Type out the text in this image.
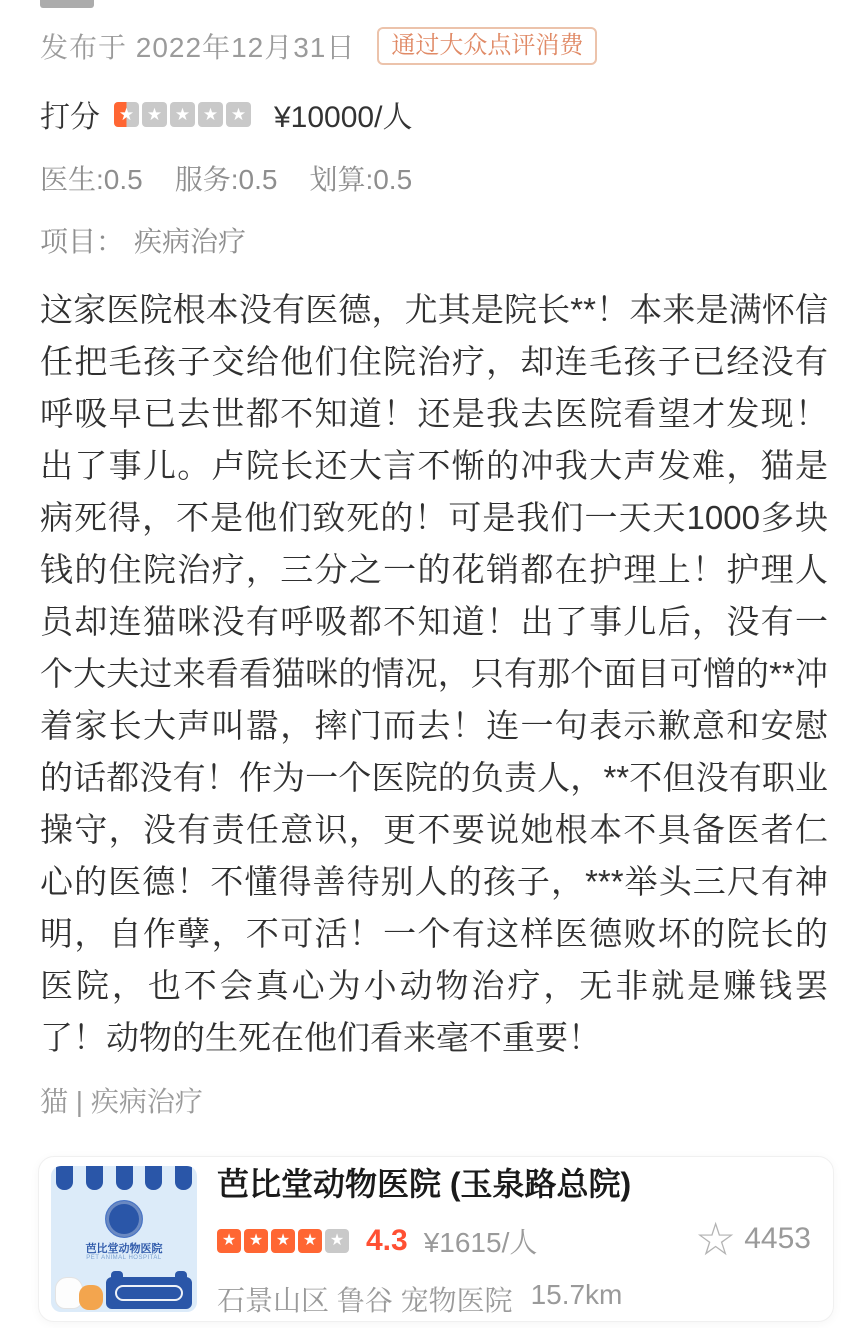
发布于 2022年12月31日	通过大众点评消费
打分 ★ ★ ★ ★ ★ ¥10000/人
医生:0.5 服务:0.5 划算:0.5
项目： 疾病治疗

这家医院根本没有医德，尤其是院长**！本来是满怀信任把毛孩子交给他们住院治疗，却连毛孩子已经没有呼吸早已去世都不知道！还是我去医院看望才发现！出了事儿。卢院长还大言不惭的冲我大声发难，猫是病死得，不是他们致死的！可是我们一天天1000多块钱的住院治疗，三分之一的花销都在护理上！护理人员却连猫咪没有呼吸都不知道！出了事儿后，没有一个大夫过来看看猫咪的情况，只有那个面目可憎的**冲着家长大声叫嚣，摔门而去！连一句表示歉意和安慰的话都没有！作为一个医院的负责人，**不但没有职业操守，没有责任意识，更不要说她根本不具备医者仁心的医德！不懂得善待别人的孩子，***举头三尺有神明，自作孽，不可活！一个有这样医德败坏的院长的医院，也不会真心为小动物治疗，无非就是赚钱罢了！动物的生死在他们看来毫不重要！

猫 | 疾病治疗
芭比堂动物医院
PET ANIMAL HOSPITAL
芭比堂动物医院 (玉泉路总院)
★ ★ ★ ★ ★ 4.3 ¥1615/人
石景山区 鲁谷 宠物医院 15.7km
☆ 4453
